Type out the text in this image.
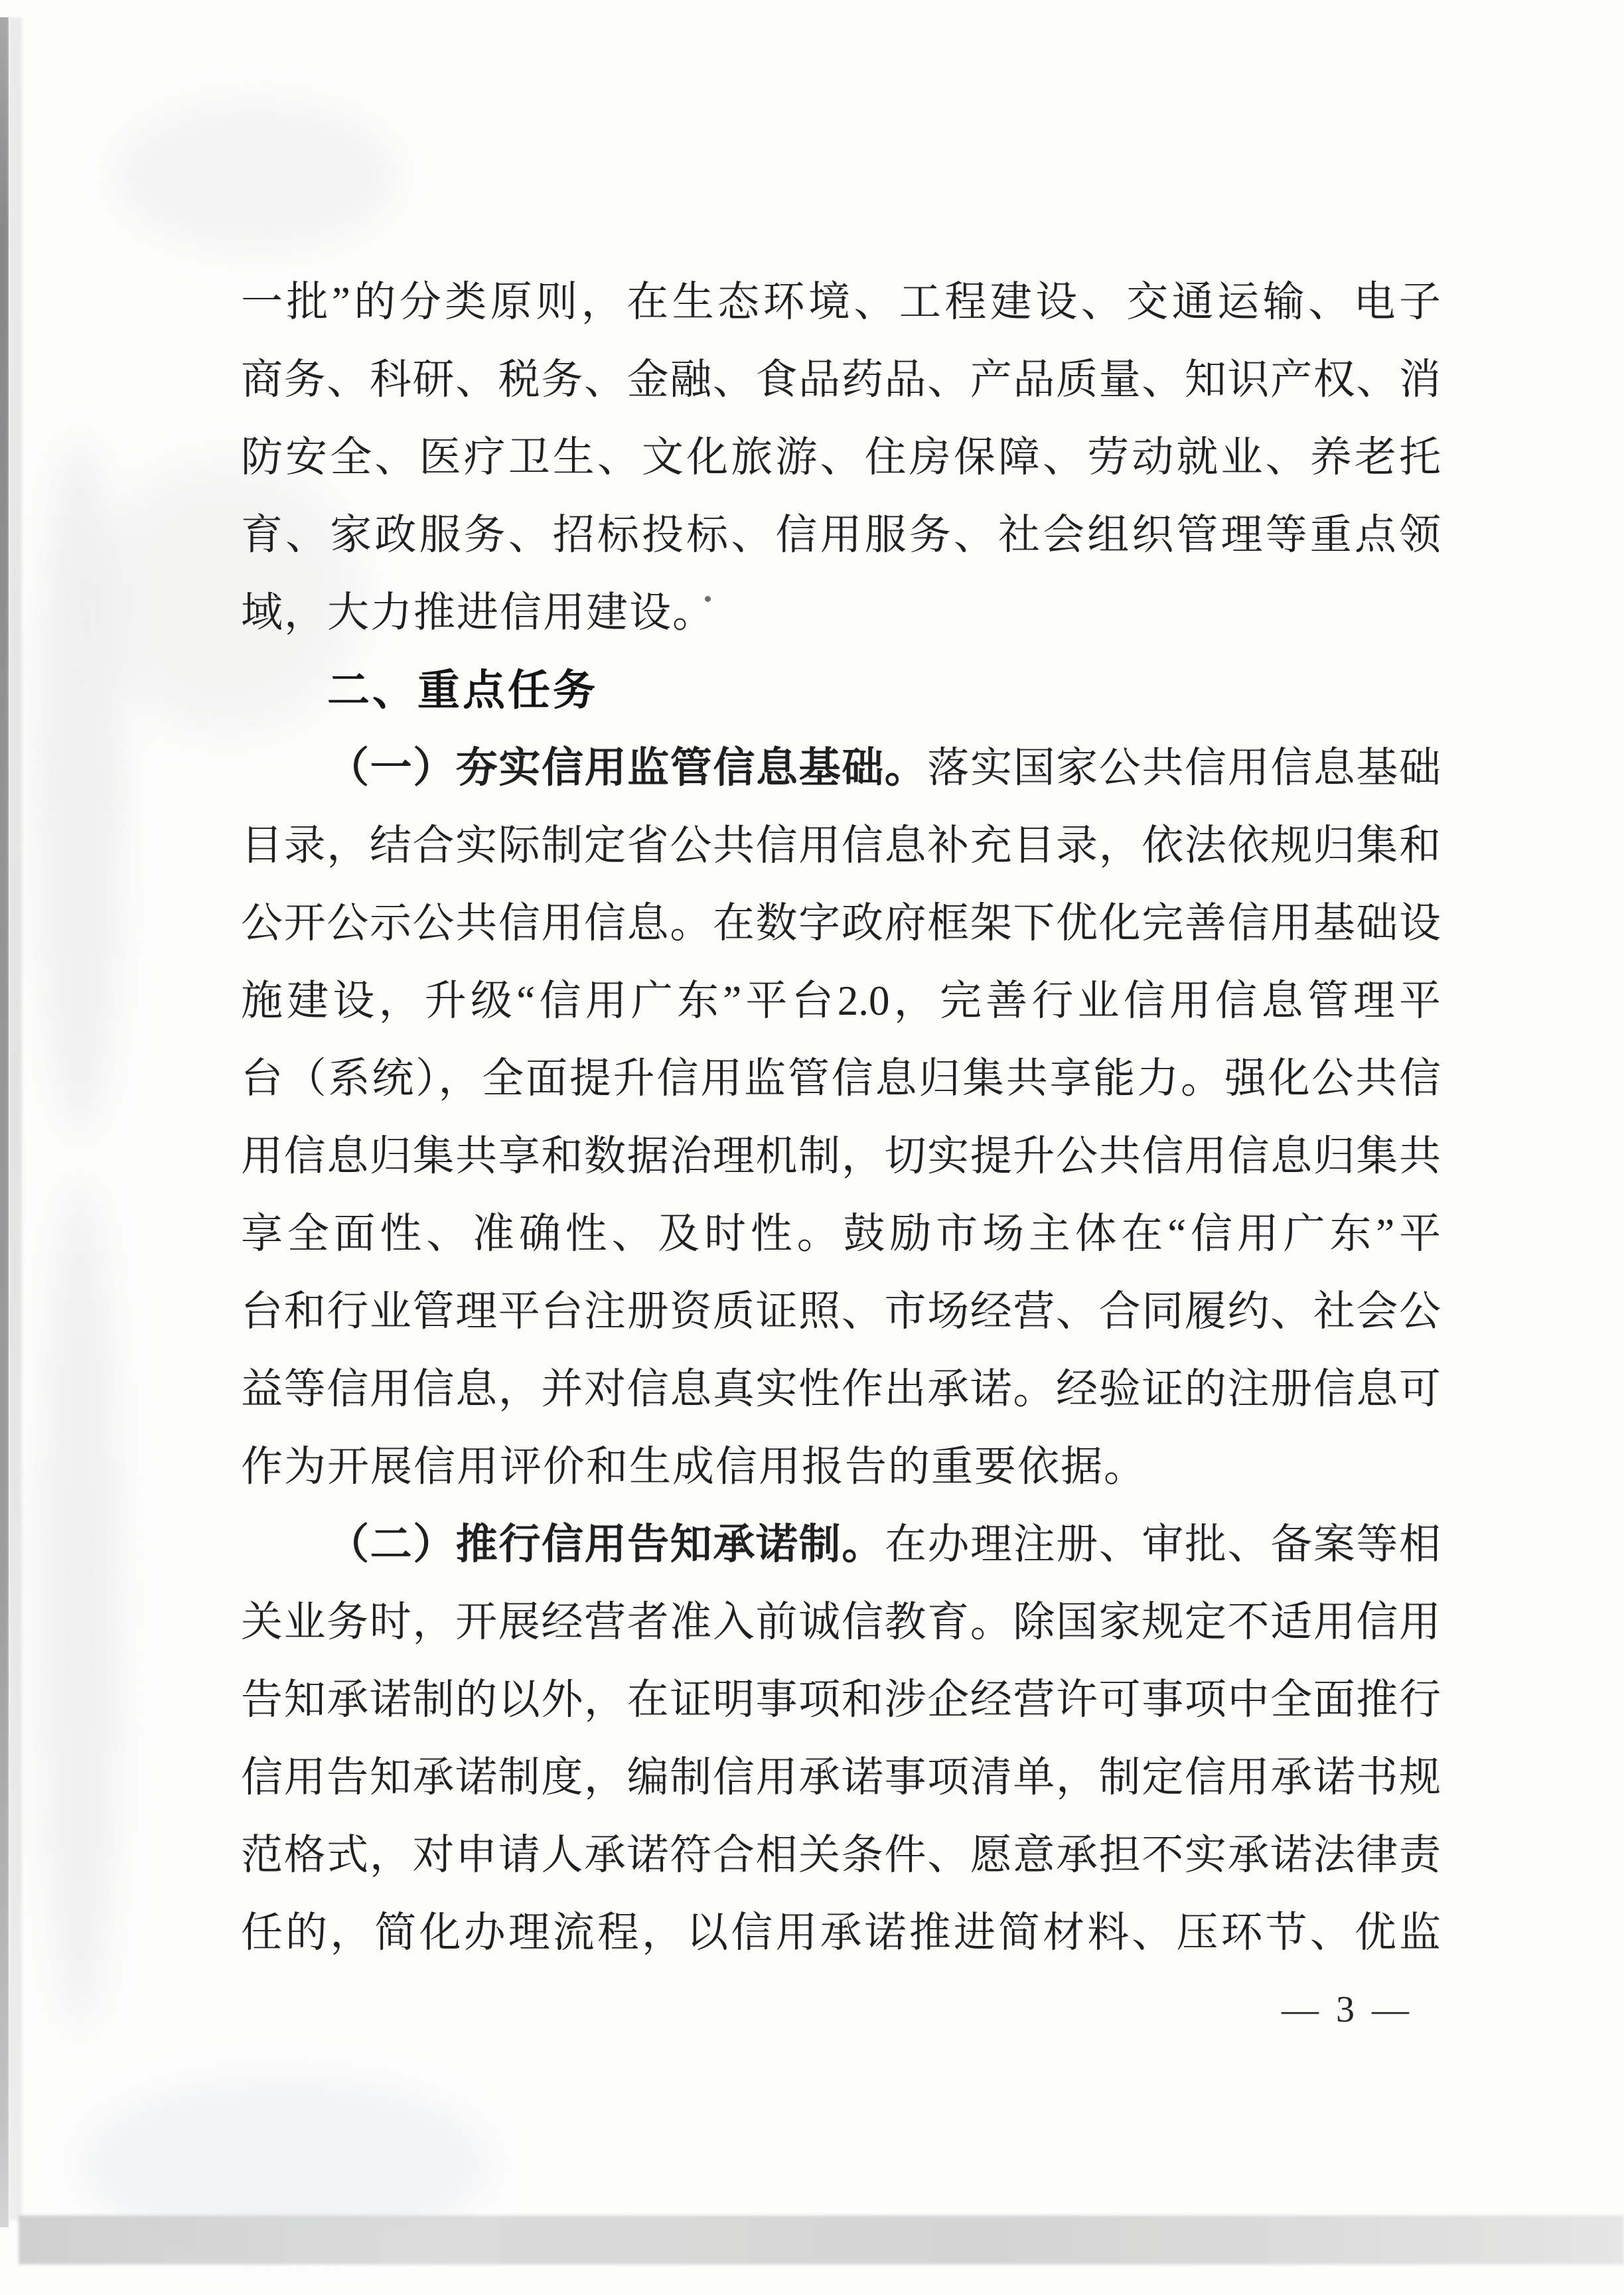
一批”的分类原则，在生态环境、工程建设、交通运输、电子
商务、科研、税务、金融、食品药品、产品质量、知识产权、消
防安全、医疗卫生、文化旅游、住房保障、劳动就业、养老托
育、家政服务、招标投标、信用服务、社会组织管理等重点领
域，大力推进信用建设。
二、重点任务
（一）夯实信用监管信息基础。落实国家公共信用信息基础
目录，结合实际制定省公共信用信息补充目录，依法依规归集和
公开公示公共信用信息。在数字政府框架下优化完善信用基础设
施建设，升级“信用广东”平台2.0，完善行业信用信息管理平
台（系统），全面提升信用监管信息归集共享能力。强化公共信
用信息归集共享和数据治理机制，切实提升公共信用信息归集共
享全面性、准确性、及时性。鼓励市场主体在“信用广东”平
台和行业管理平台注册资质证照、市场经营、合同履约、社会公
益等信用信息，并对信息真实性作出承诺。经验证的注册信息可
作为开展信用评价和生成信用报告的重要依据。
（二）推行信用告知承诺制。在办理注册、审批、备案等相
关业务时，开展经营者准入前诚信教育。除国家规定不适用信用
告知承诺制的以外，在证明事项和涉企经营许可事项中全面推行
信用告知承诺制度，编制信用承诺事项清单，制定信用承诺书规
范格式，对申请人承诺符合相关条件、愿意承担不实承诺法律责
任的，简化办理流程，以信用承诺推进简材料、压环节、优监
— 3 —
